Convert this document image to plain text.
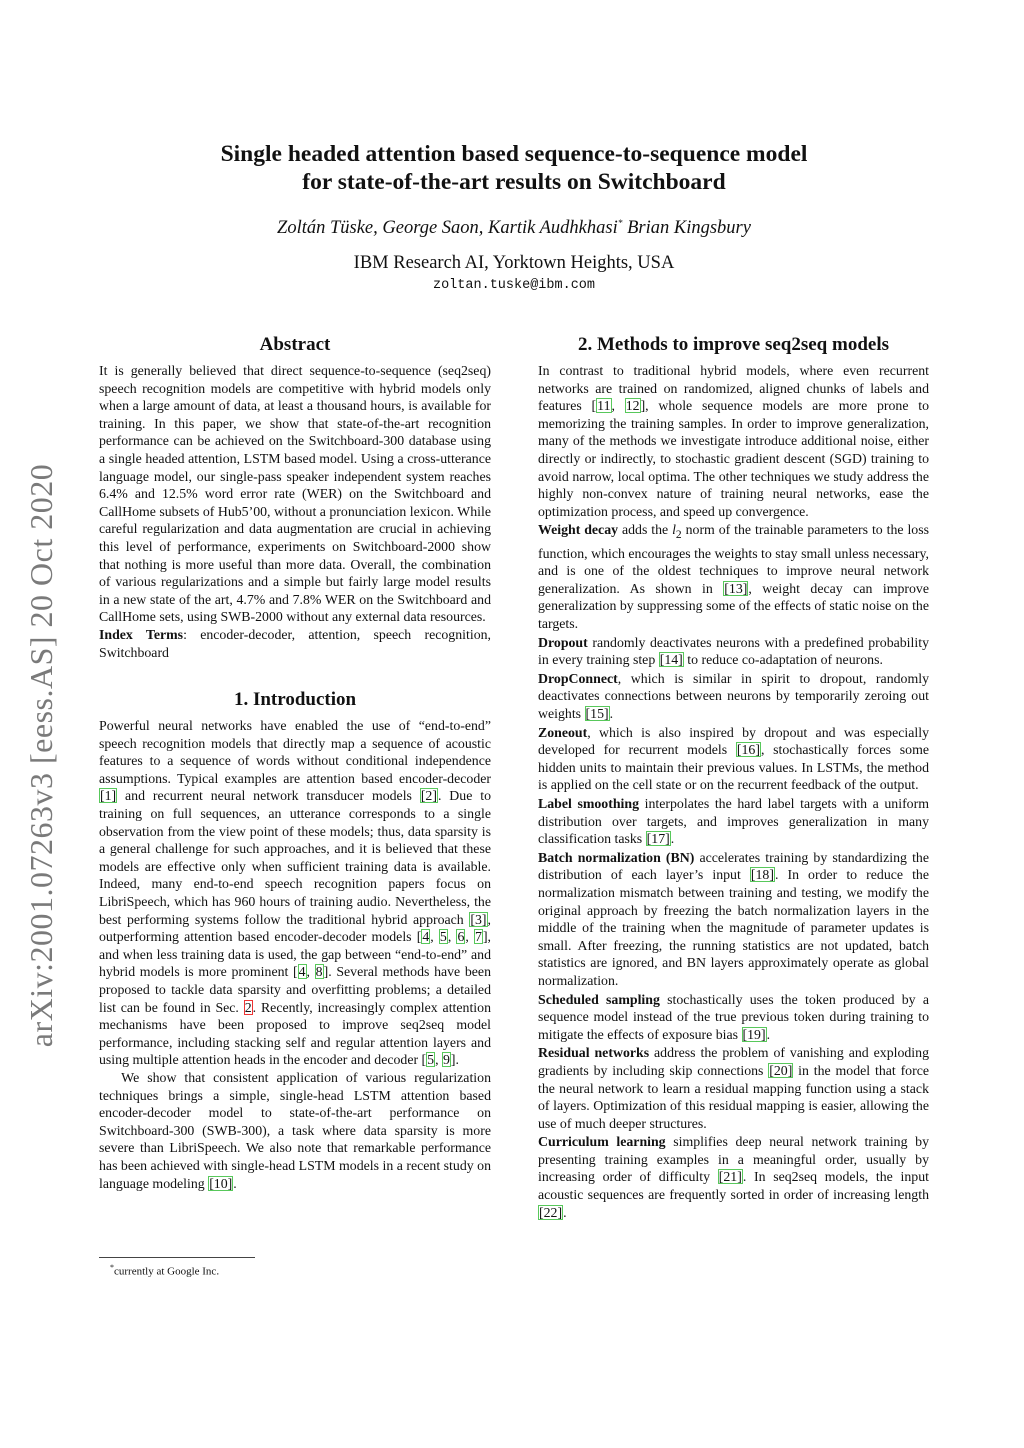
arXiv:2001.07263v3 [eess.AS] 20 Oct 2020
Single headed attention based sequence-to-sequence model
for state-of-the-art results on Switchboard
Zoltán Tüske, George Saon, Kartik Audhkhasi* Brian Kingsbury
IBM Research AI, Yorktown Heights, USA
zoltan.tuske@ibm.com
Abstract

It is generally believed that direct sequence-to-sequence (seq2seq) speech recognition models are competitive with hybrid models only when a large amount of data, at least a thousand hours, is available for training. In this paper, we show that state-of-the-art recognition performance can be achieved on the Switchboard-300 database using a single headed attention, LSTM based model. Using a cross-utterance language model, our single-pass speaker independent system reaches 6.4% and 12.5% word error rate (WER) on the Switchboard and CallHome subsets of Hub5’00, without a pronunciation lexicon. While careful regularization and data augmentation are crucial in achieving this level of performance, experiments on Switchboard-2000 show that nothing is more useful than more data. Overall, the combination of various regularizations and a simple but fairly large model results in a new state of the art, 4.7% and 7.8% WER on the Switchboard and CallHome sets, using SWB-2000 without any external data resources.

Index Terms: encoder-decoder, attention, speech recognition, Switchboard

1. Introduction

Powerful neural networks have enabled the use of “end-to-end” speech recognition models that directly map a sequence of acoustic features to a sequence of words without conditional independence assumptions. Typical examples are attention based encoder-decoder [1] and recurrent neural network transducer models [2]. Due to training on full sequences, an utterance corresponds to a single observation from the view point of these models; thus, data sparsity is a general challenge for such approaches, and it is believed that these models are effective only when sufficient training data is available. Indeed, many end-to-end speech recognition papers focus on LibriSpeech, which has 960 hours of training audio. Nevertheless, the best performing systems follow the traditional hybrid approach [3], outperforming attention based encoder-decoder models [4, 5, 6, 7], and when less training data is used, the gap between “end-to-end” and hybrid models is more prominent [4, 8]. Several methods have been proposed to tackle data sparsity and overfitting problems; a detailed list can be found in Sec. 2. Recently, increasingly complex attention mechanisms have been proposed to improve seq2seq model performance, including stacking self and regular attention layers and using multiple attention heads in the encoder and decoder [5, 9].

We show that consistent application of various regularization techniques brings a simple, single-head LSTM attention based encoder-decoder model to state-of-the-art performance on Switchboard-300 (SWB-300), a task where data sparsity is more severe than LibriSpeech. We also note that remarkable performance has been achieved with single-head LSTM models in a recent study on language modeling [10].

*currently at Google Inc.
2. Methods to improve seq2seq models

In contrast to traditional hybrid models, where even recurrent networks are trained on randomized, aligned chunks of labels and features [11, 12], whole sequence models are more prone to memorizing the training samples. In order to improve generalization, many of the methods we investigate introduce additional noise, either directly or indirectly, to stochastic gradient descent (SGD) training to avoid narrow, local optima. The other techniques we study address the highly non-convex nature of training neural networks, ease the optimization process, and speed up convergence.

Weight decay adds the $l_2$ norm of the trainable parameters to the loss function, which encourages the weights to stay small unless necessary, and is one of the oldest techniques to improve neural network generalization. As shown in [13], weight decay can improve generalization by suppressing some of the effects of static noise on the targets.

Dropout randomly deactivates neurons with a predefined probability in every training step [14] to reduce co-adaptation of neurons.

DropConnect, which is similar in spirit to dropout, randomly deactivates connections between neurons by temporarily zeroing out weights [15].

Zoneout, which is also inspired by dropout and was especially developed for recurrent models [16], stochastically forces some hidden units to maintain their previous values. In LSTMs, the method is applied on the cell state or on the recurrent feedback of the output.

Label smoothing interpolates the hard label targets with a uniform distribution over targets, and improves generalization in many classification tasks [17].

Batch normalization (BN) accelerates training by standardizing the distribution of each layer’s input [18]. In order to reduce the normalization mismatch between training and testing, we modify the original approach by freezing the batch normalization layers in the middle of the training when the magnitude of parameter updates is small. After freezing, the running statistics are not updated, batch statistics are ignored, and BN layers approximately operate as global normalization.

Scheduled sampling stochastically uses the token produced by a sequence model instead of the true previous token during training to mitigate the effects of exposure bias [19].

Residual networks address the problem of vanishing and exploding gradients by including skip connections [20] in the model that force the neural network to learn a residual mapping function using a stack of layers. Optimization of this residual mapping is easier, allowing the use of much deeper structures.

Curriculum learning simplifies deep neural network training by presenting training examples in a meaningful order, usually by increasing order of difficulty [21]. In seq2seq models, the input acoustic sequences are frequently sorted in order of increasing length [22].
